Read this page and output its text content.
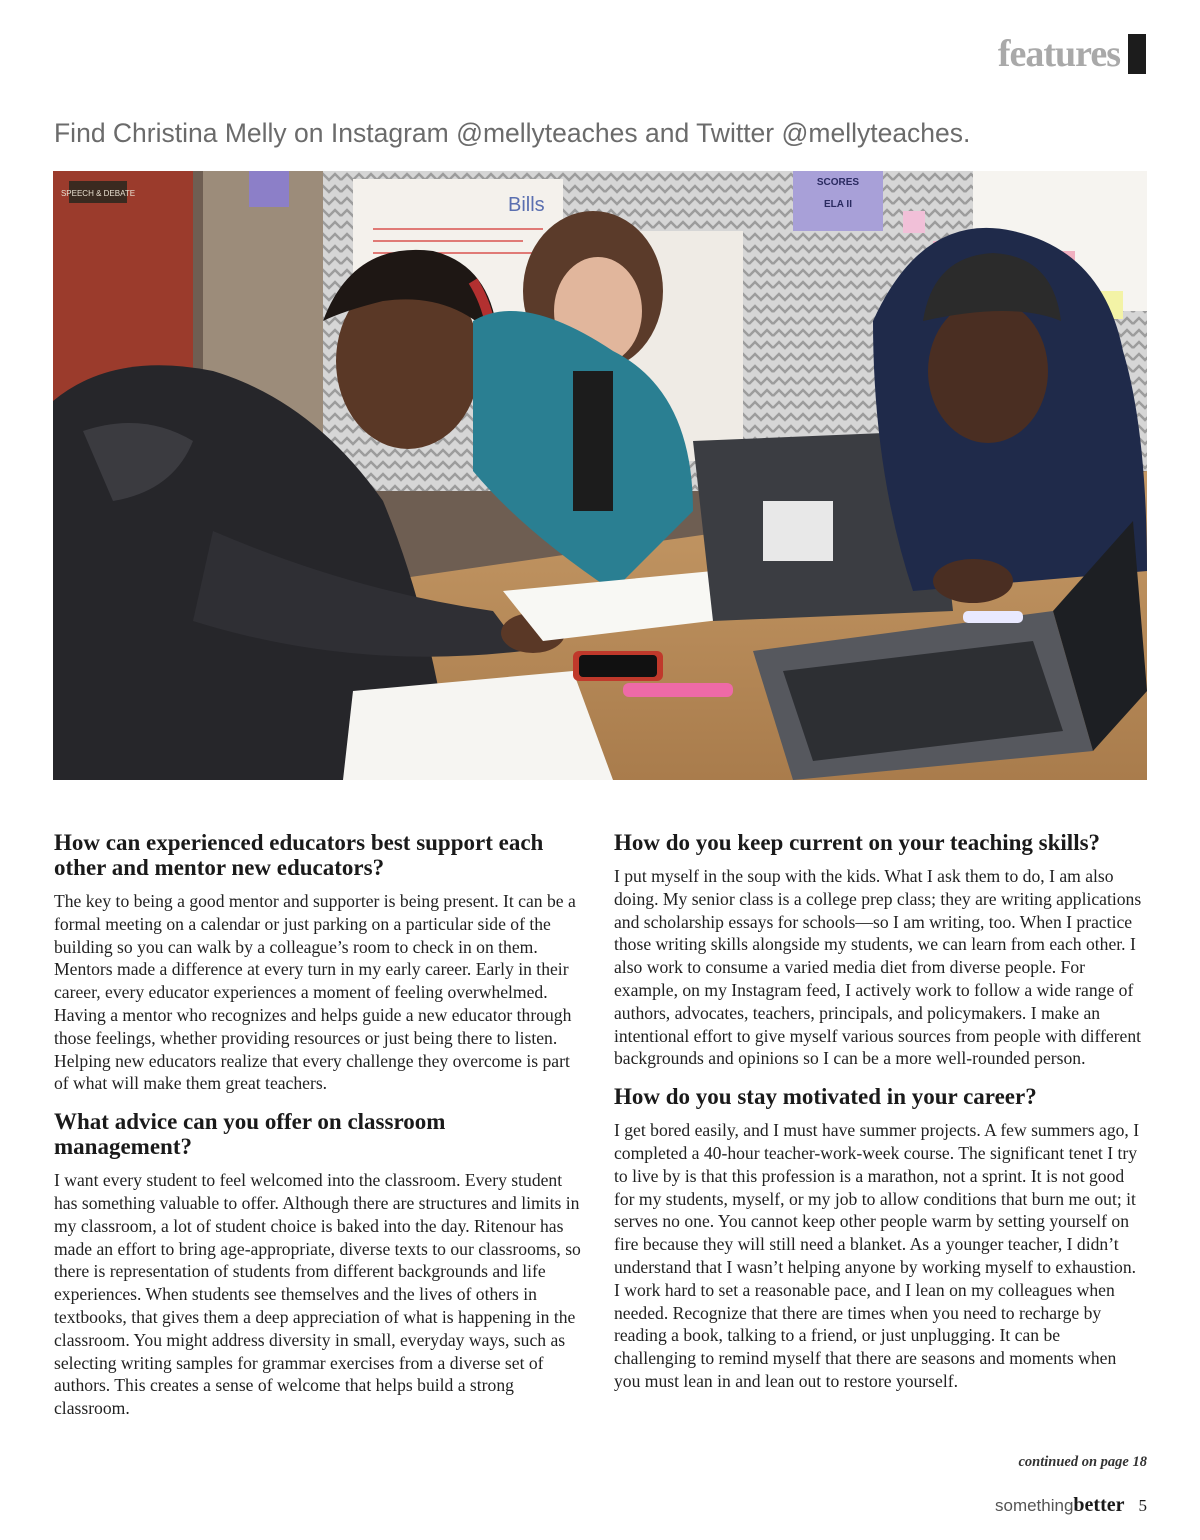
features
Find Christina Melly on Instagram @mellyteaches and Twitter @mellyteaches.
SPEECH & DEBATE
Bills
SCORES
ELA II
How can experienced educators best support each other and mentor new educators?

The key to being a good mentor and supporter is being present. It can be a formal meeting on a calendar or just parking on a particular side of the building so you can walk by a colleague’s room to check in on them. Mentors made a difference at every turn in my early career. Early in their career, every educator experiences a moment of feeling overwhelmed. Having a mentor who recognizes and helps guide a new educator through those feelings, whether providing resources or just being there to listen. Helping new educators realize that every challenge they overcome is part of what will make them great teachers.

What advice can you offer on classroom management?

I want every student to feel welcomed into the classroom. Every student has something valuable to offer. Although there are structures and limits in my classroom, a lot of student choice is baked into the day. Ritenour has made an effort to bring age-appropriate, diverse texts to our classrooms, so there is representation of students from different backgrounds and life experiences. When students see themselves and the lives of others in textbooks, that gives them a deep appreciation of what is happening in the classroom. You might address diversity in small, everyday ways, such as selecting writing samples for grammar exercises from a diverse set of authors. This creates a sense of welcome that helps build a strong classroom.

How do you keep current on your teaching skills?

I put myself in the soup with the kids. What I ask them to do, I am also doing. My senior class is a college prep class; they are writing applications and scholarship essays for schools—so I am writing, too. When I practice those writing skills alongside my students, we can learn from each other. I also work to consume a varied media diet from diverse people. For example, on my Instagram feed, I actively work to follow a wide range of authors, advocates, teachers, principals, and policymakers. I make an intentional effort to give myself various sources from people with different backgrounds and opinions so I can be a more well-rounded person.

How do you stay motivated in your career?

I get bored easily, and I must have summer projects. A few summers ago, I completed a 40-hour teacher-work-week course. The significant tenet I try to live by is that this profession is a marathon, not a sprint. It is not good for my students, myself, or my job to allow conditions that burn me out; it serves no one. You cannot keep other people warm by setting yourself on fire because they will still need a blanket. As a younger teacher, I didn’t understand that I wasn’t helping anyone by working myself to exhaustion. I work hard to set a reasonable pace, and I lean on my colleagues when needed. Recognize that there are times when you need to recharge by reading a book, talking to a friend, or just unplugging. It can be challenging to remind myself that there are seasons and moments when you must lean in and lean out to restore yourself.

continued on page 18
somethingbetter 5
